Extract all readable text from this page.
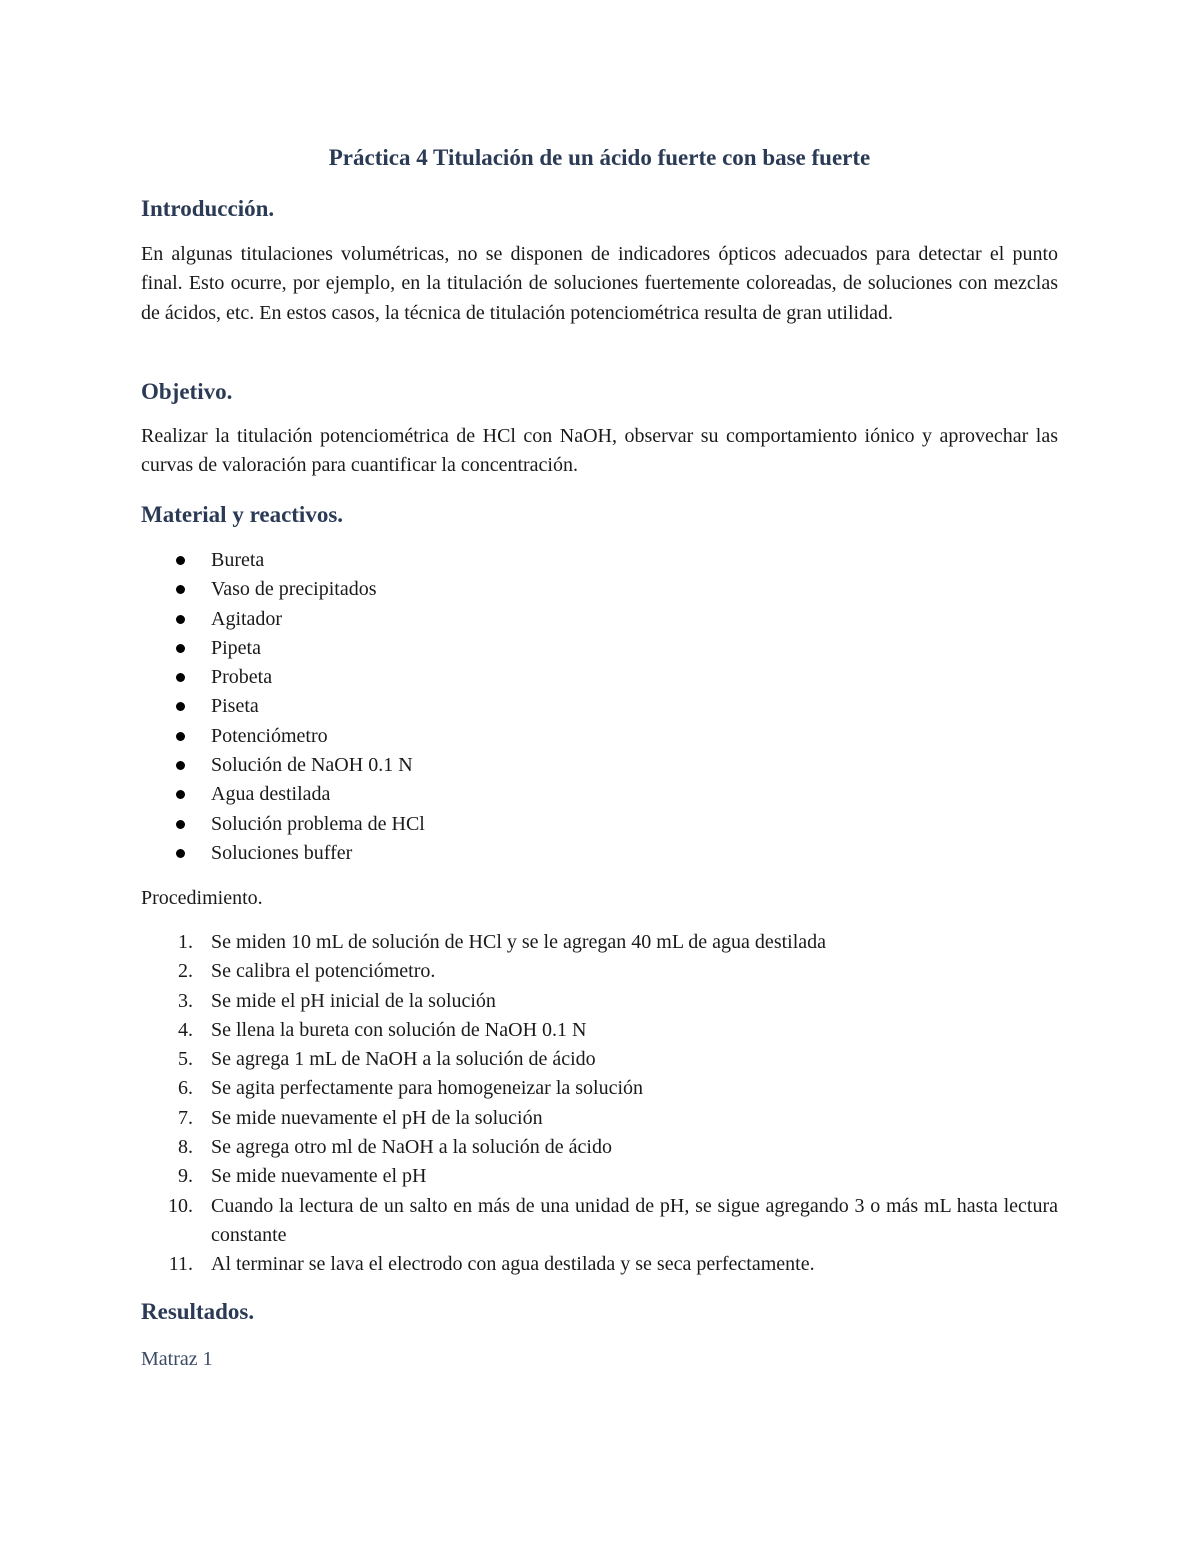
Práctica 4 Titulación de un ácido fuerte con base fuerte
Introducción.

En algunas titulaciones volumétricas, no se disponen de indicadores ópticos adecuados para detectar el punto final. Esto ocurre, por ejemplo, en la titulación de soluciones fuertemente coloreadas, de soluciones con mezclas de ácidos, etc. En estos casos, la técnica de titulación potenciométrica resulta de gran utilidad.

Objetivo.

Realizar la titulación potenciométrica de HCl con NaOH, observar su comportamiento iónico y aprovechar las curvas de valoración para cuantificar la concentración.

Material y reactivos.
Bureta
Vaso de precipitados
Agitador
Pipeta
Probeta
Piseta
Potenciómetro
Solución de NaOH 0.1 N
Agua destilada
Solución problema de HCl
Soluciones buffer

Procedimiento.

1. Se miden 10 mL de solución de HCl y se le agregan 40 mL de agua destilada
2. Se calibra el potenciómetro.
3. Se mide el pH inicial de la solución
4. Se llena la bureta con solución de NaOH 0.1 N
5. Se agrega 1 mL de NaOH a la solución de ácido
6. Se agita perfectamente para homogeneizar la solución
7. Se mide nuevamente el pH de la solución
8. Se agrega otro ml de NaOH a la solución de ácido
9. Se mide nuevamente el pH
10. Cuando la lectura de un salto en más de una unidad de pH, se sigue agregando 3 o más mL hasta lectura constante
11. Al terminar se lava el electrodo con agua destilada y se seca perfectamente.
Resultados.

Matraz 1
